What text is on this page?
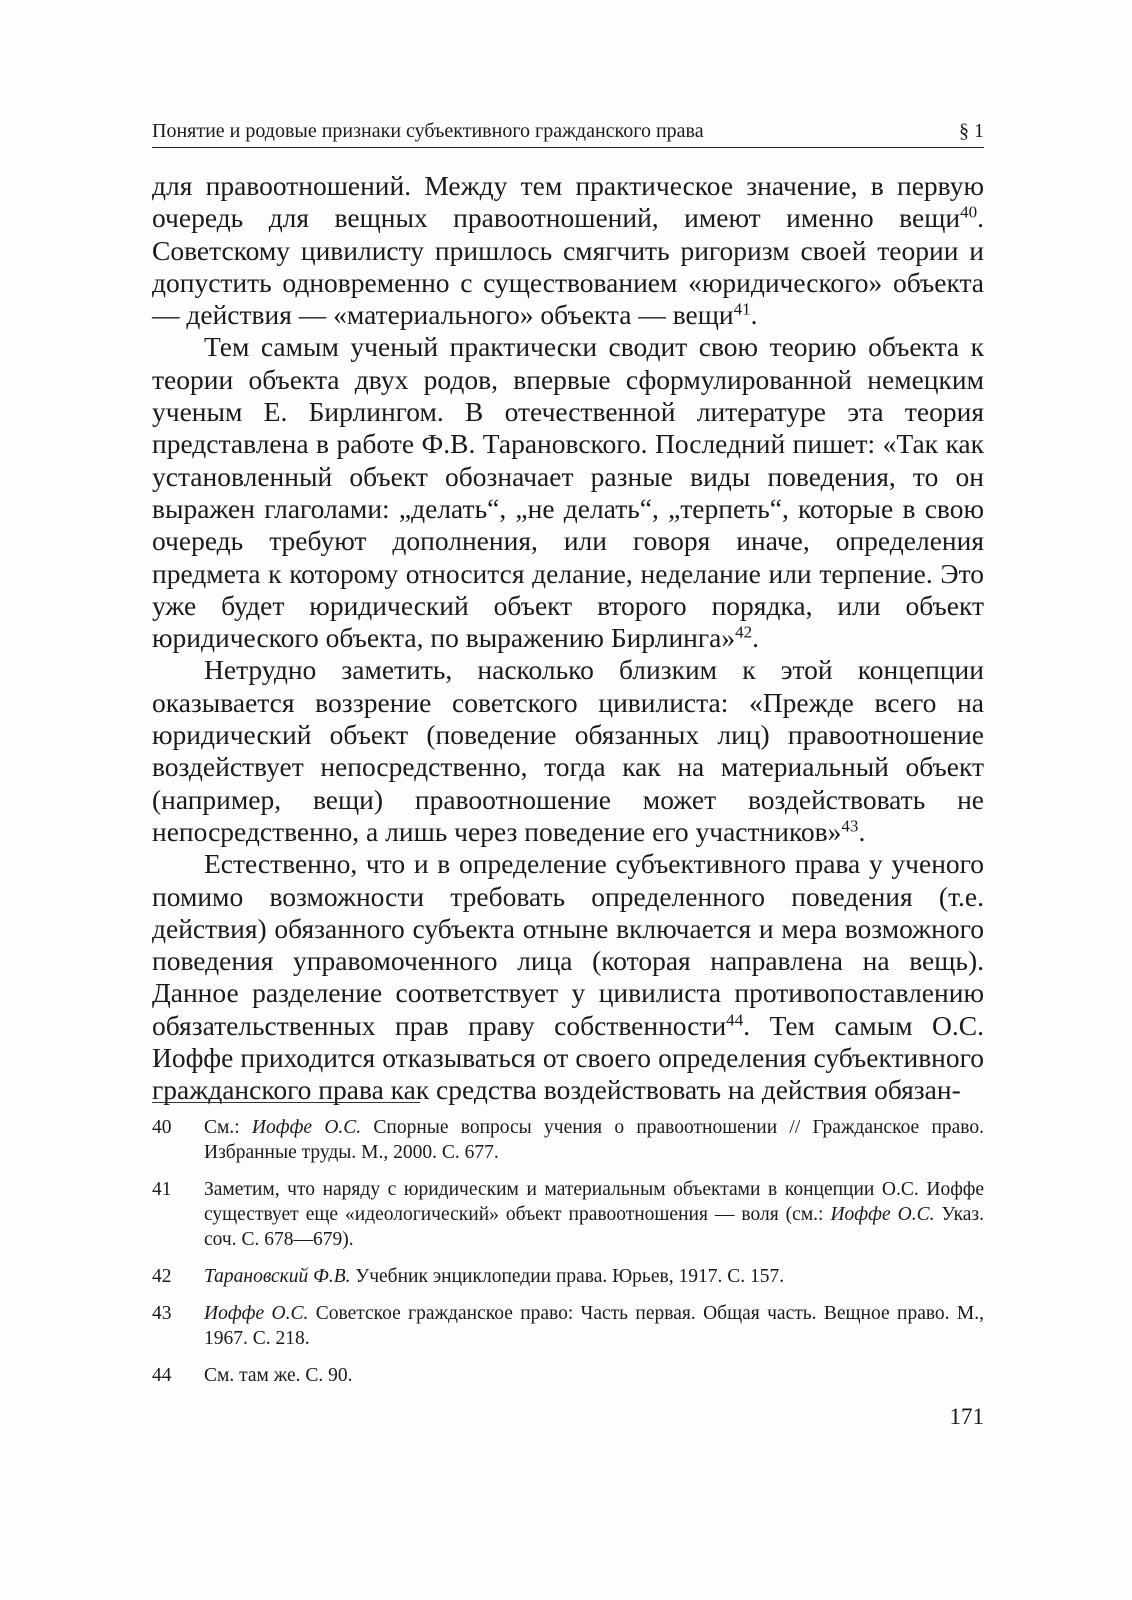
Понятие и родовые признаки субъективного гражданского права	§ 1

для правоотношений. Между тем практическое значение, в первую очередь для вещных правоотношений, имеют именно вещи$^{40}$. Советскому цивилисту пришлось смягчить ригоризм своей теории и допустить одновременно с существованием «юридического» объекта — действия — «материального» объекта — вещи$^{41}$.

Тем самым ученый практически сводит свою теорию объекта к теории объекта двух родов, впервые сформулированной немецким ученым Е. Бирлингом. В отечественной литературе эта теория представлена в работе Ф.В. Тарановского. Последний пишет: «Так как установленный объект обозначает разные виды поведения, то он выражен глаголами: „делать“, „не делать“, „терпеть“, которые в свою очередь требуют дополнения, или говоря иначе, определения предмета к которому относится делание, неделание или терпение. Это уже будет юридический объект второго порядка, или объект юридического объекта, по выражению Бирлинга»$^{42}$.

Нетрудно заметить, насколько близким к этой концепции оказывается воззрение советского цивилиста: «Прежде всего на юридический объект (поведение обязанных лиц) правоотношение воздействует непосредственно, тогда как на материальный объект (например, вещи) правоотношение может воздействовать не непосредственно, а лишь через поведение его участников»$^{43}$.

Естественно, что и в определение субъективного права у ученого помимо возможности требовать определенного поведения (т.е. действия) обязанного субъекта отныне включается и мера возможного поведения управомоченного лица (которая направлена на вещь). Данное разделение соответствует у цивилиста противопоставлению обязательственных прав праву собственности$^{44}$. Тем самым О.С. Иоффе приходится отказываться от своего определения субъективного гражданского права как средства воздействовать на действия обязан-

40	См.: Иоффе О.С. Спорные вопросы учения о правоотношении // Гражданское право. Избранные труды. М., 2000. С. 677.
41	Заметим, что наряду с юридическим и материальным объектами в концепции О.С. Иоффе существует еще «идеологический» объект правоотношения — воля (см.: Иоффе О.С. Указ. соч. С. 678—679).
42	Тарановский Ф.В. Учебник энциклопедии права. Юрьев, 1917. С. 157.
43	Иоффе О.С. Советское гражданское право: Часть первая. Общая часть. Вещное право. М., 1967. С. 218.
44	См. там же. С. 90.
171
